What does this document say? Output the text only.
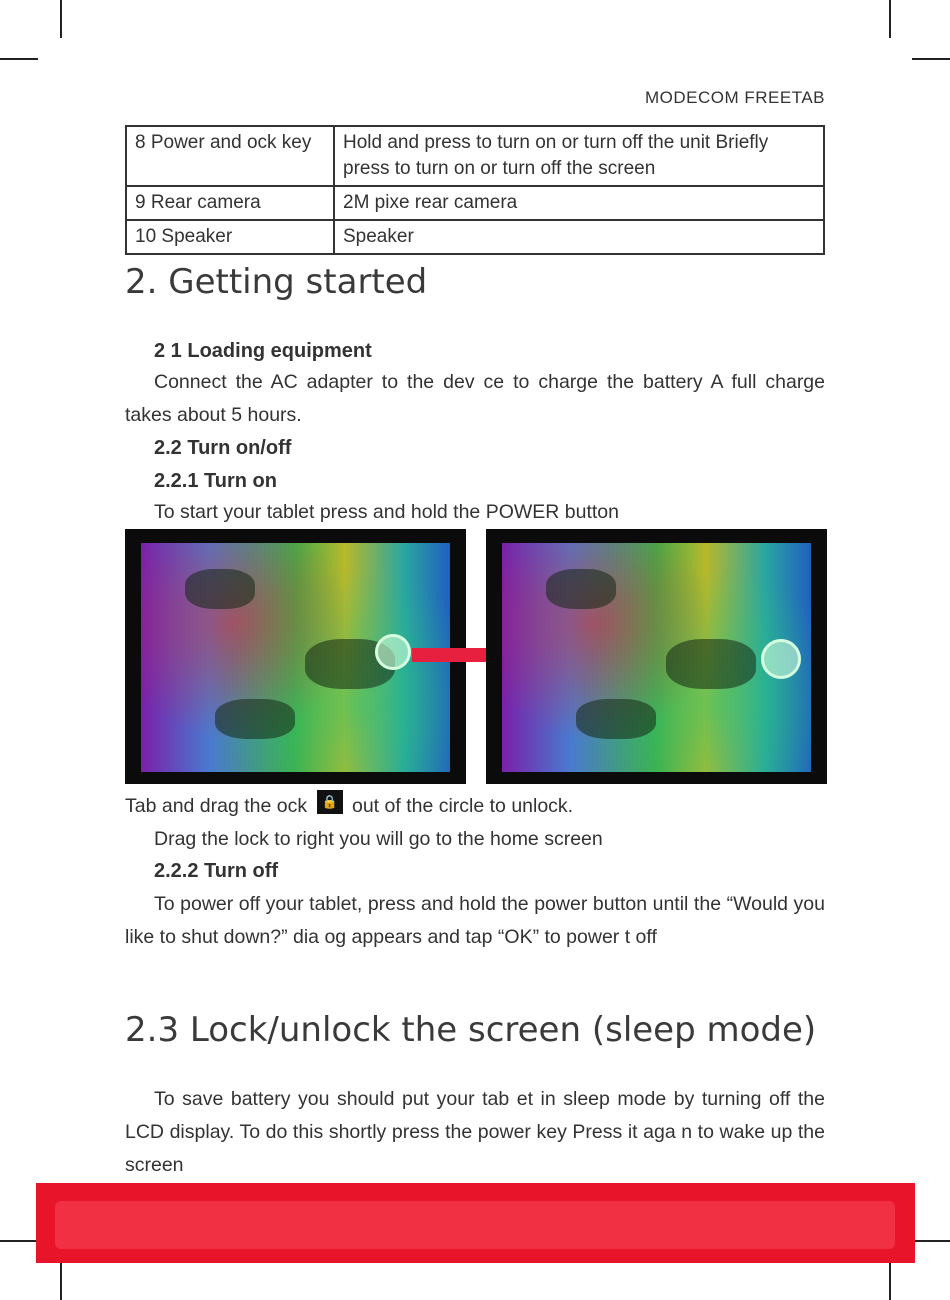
MODECOM FREETAB
8 Power and ock key	Hold and press to turn on or turn off the unit Briefly press to turn on or turn off the screen
9 Rear camera	2M pixe rear camera
10 Speaker	Speaker
2. Getting started
2 1 Loading equipment
Connect the AC adapter to the dev ce to charge the battery A full charge takes about 5 hours.
2.2 Turn on/off
2.2.1 Turn on
To start your tablet press and hold the POWER button
Tab and drag the ock 🔒 out of the circle to unlock.
Drag the lock to right you will go to the home screen
2.2.2 Turn off
To power off your tablet, press and hold the power button until the “Would you like to shut down?” dia og appears and tap “OK” to power t off
2.3 Lock/unlock the screen (sleep mode)
To save battery you should put your tab et in sleep mode by turning off the LCD display. To do this shortly press the power key Press it aga n to wake up the screen
